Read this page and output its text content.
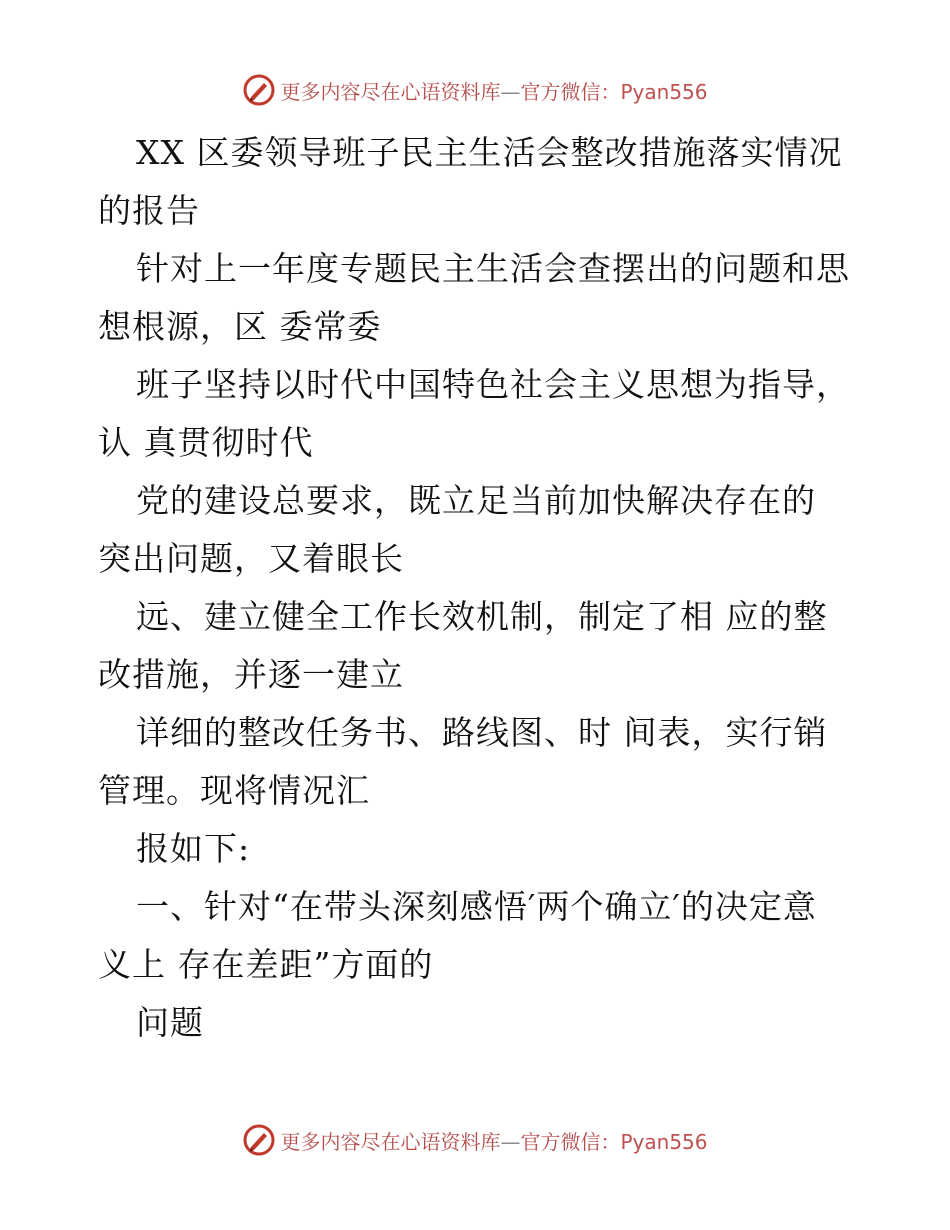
更多内容尽在心语资料库—官方微信：Pyan556
XX 区委领导班子民主生活会整改措施落实情况
的报告
针对上一年度专题民主生活会查摆出的问题和思
想根源，区 委常委
班子坚持以时代中国特色社会主义思想为指导，
认 真贯彻时代
党的建设总要求，既立足当前加快解决存在的
突出问题，又着眼长
远、建立健全工作长效机制，制定了相 应的整
改措施，并逐一建立
详细的整改任务书、路线图、时 间表，实行销
管理。现将情况汇
报如下:
一、针对“在带头深刻感悟′两个确立′的决定意
义上 存在差距”方面的
问题
更多内容尽在心语资料库—官方微信：Pyan556
